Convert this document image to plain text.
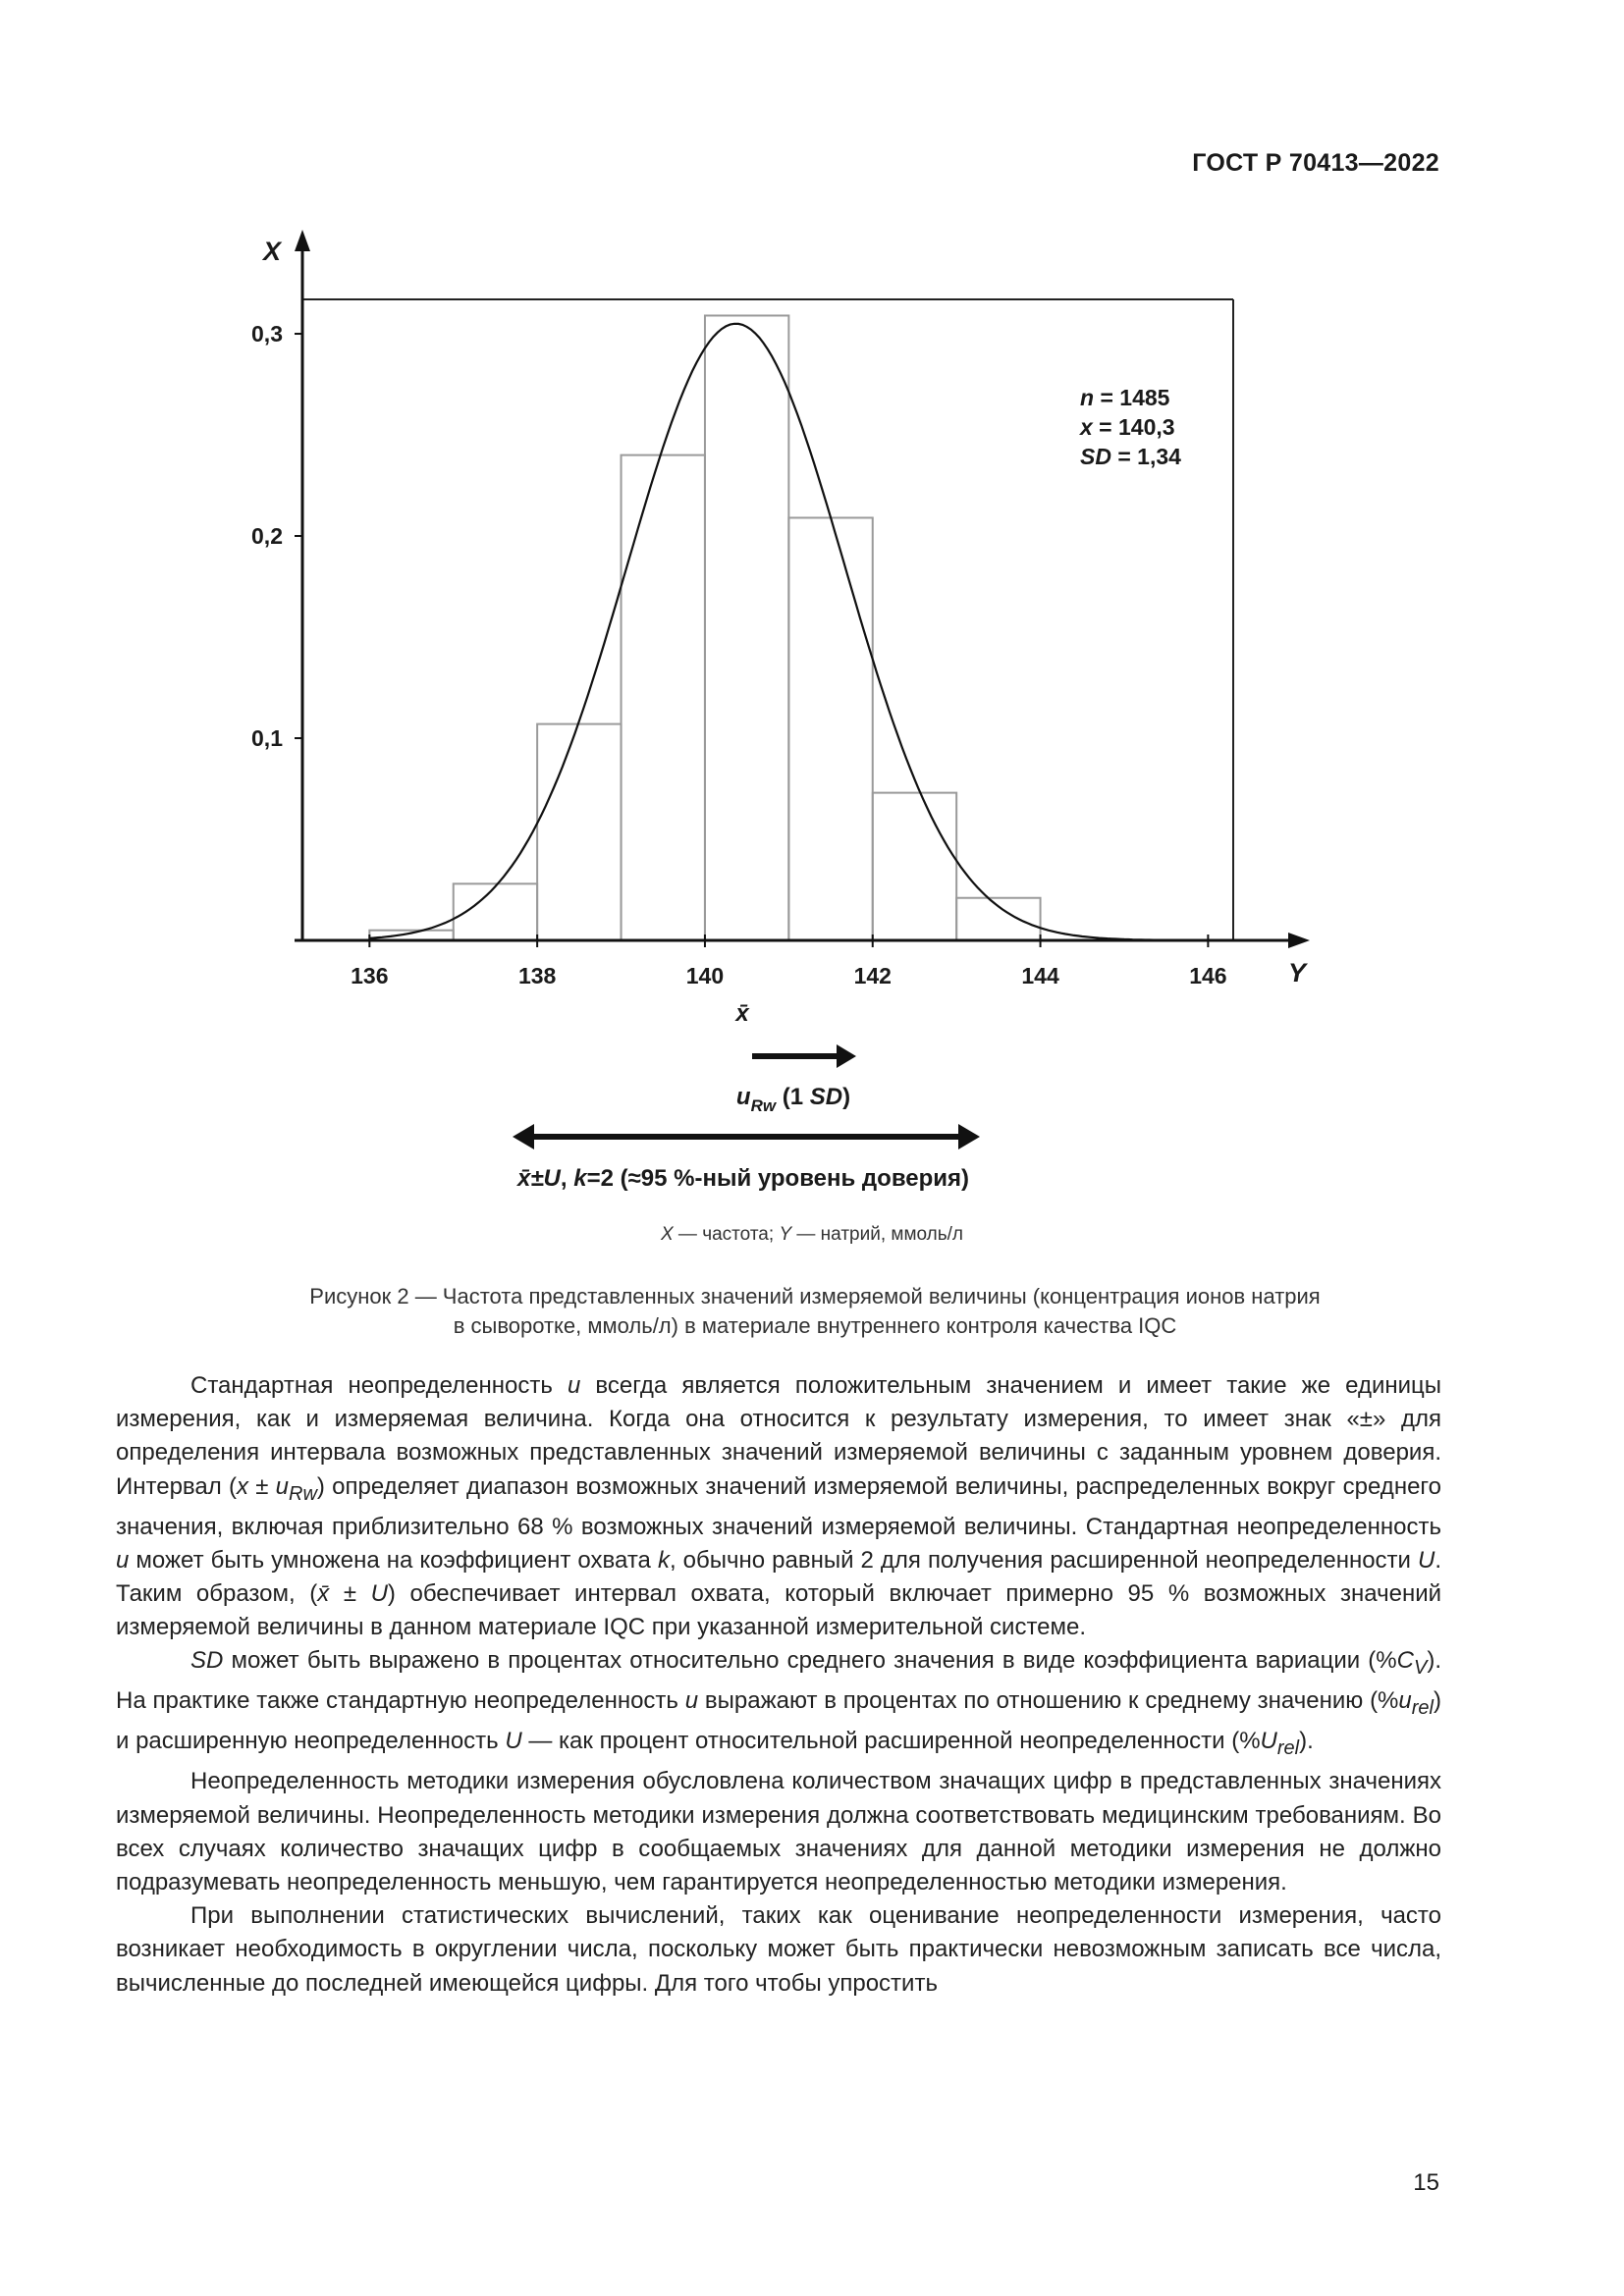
ГОСТ Р 70413—2022
136	138	140	142	144	146
0,1
0,2
0,3
X
Y
n = 1485
x = 140,3
SD = 1,34
x̄
$u_{Rw}$ (1 SD)
x̄±U, k=2 (≈95 %-ный уровень доверия)
X — частота; Y — натрий, ммоль/л
Рисунок 2 — Частота представленных значений измеряемой величины (концентрация ионов натрия
в сыворотке, ммоль/л) в материале внутреннего контроля качества IQC

Стандартная неопределенность u всегда является положительным значением и имеет такие же единицы измерения, как и измеряемая величина. Когда она относится к результату измерения, то имеет знак «±» для определения интервала возможных представленных значений измеряемой величины с заданным уровнем доверия. Интервал $(x \pm u_{Rw})$ определяет диапазон возможных значений измеряемой величины, распределенных вокруг среднего значения, включая приблизительно 68 % возможных значений измеряемой величины. Стандартная неопределенность u может быть умножена на коэффициент охвата k, обычно равный 2 для получения расширенной неопределенности U. Таким образом, (x̄ ± U) обеспечивает интервал охвата, который включает примерно 95 % возможных значений измеряемой величины в данном материале IQC при указанной измерительной системе.

SD может быть выражено в процентах относительно среднего значения в виде коэффициента вариации $(\%C_V)$. На практике также стандартную неопределенность u выражают в процентах по отношению к среднему значению $(\%u_{rel})$ и расширенную неопределенность U — как процент относительной расширенной неопределенности $(\%U_{rel})$.

Неопределенность методики измерения обусловлена количеством значащих цифр в представленных значениях измеряемой величины. Неопределенность методики измерения должна соответствовать медицинским требованиям. Во всех случаях количество значащих цифр в сообщаемых значениях для данной методики измерения не должно подразумевать неопределенность меньшую, чем гарантируется неопределенностью методики измерения.

При выполнении статистических вычислений, таких как оценивание неопределенности измерения, часто возникает необходимость в округлении числа, поскольку может быть практически невозможным записать все числа, вычисленные до последней имеющейся цифры. Для того чтобы упростить

15
